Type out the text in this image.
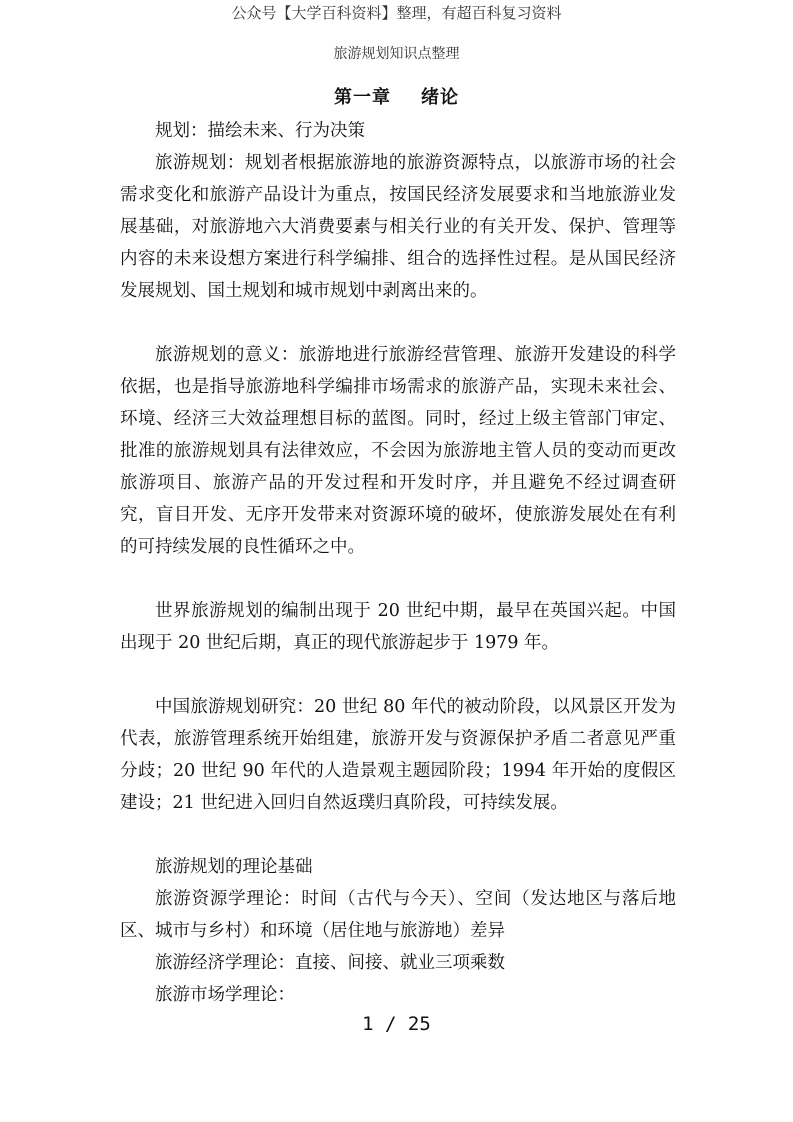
公众号【大学百科资料】整理，有超百科复习资料
旅游规划知识点整理
第一章 绪论

规划：描绘未来、行为决策

旅游规划：规划者根据旅游地的旅游资源特点，以旅游市场的社会需求变化和旅游产品设计为重点，按国民经济发展要求和当地旅游业发展基础，对旅游地六大消费要素与相关行业的有关开发、保护、管理等内容的未来设想方案进行科学编排、组合的选择性过程。是从国民经济发展规划、国土规划和城市规划中剥离出来的。

旅游规划的意义：旅游地进行旅游经营管理、旅游开发建设的科学依据，也是指导旅游地科学编排市场需求的旅游产品，实现未来社会、环境、经济三大效益理想目标的蓝图。同时，经过上级主管部门审定、批准的旅游规划具有法律效应，不会因为旅游地主管人员的变动而更改旅游项目、旅游产品的开发过程和开发时序，并且避免不经过调查研究，盲目开发、无序开发带来对资源环境的破坏，使旅游发展处在有利的可持续发展的良性循环之中。

世界旅游规划的编制出现于 20 世纪中期，最早在英国兴起。中国出现于 20 世纪后期，真正的现代旅游起步于 1979 年。

中国旅游规划研究：20 世纪 80 年代的被动阶段，以风景区开发为代表，旅游管理系统开始组建，旅游开发与资源保护矛盾二者意见严重分歧；20 世纪 90 年代的人造景观主题园阶段；1994 年开始的度假区建设；21 世纪进入回归自然返璞归真阶段，可持续发展。

旅游规划的理论基础

旅游资源学理论：时间（古代与今天）、空间（发达地区与落后地区、城市与乡村）和环境（居住地与旅游地）差异

旅游经济学理论：直接、间接、就业三项乘数

旅游市场学理论：

1 / 25
